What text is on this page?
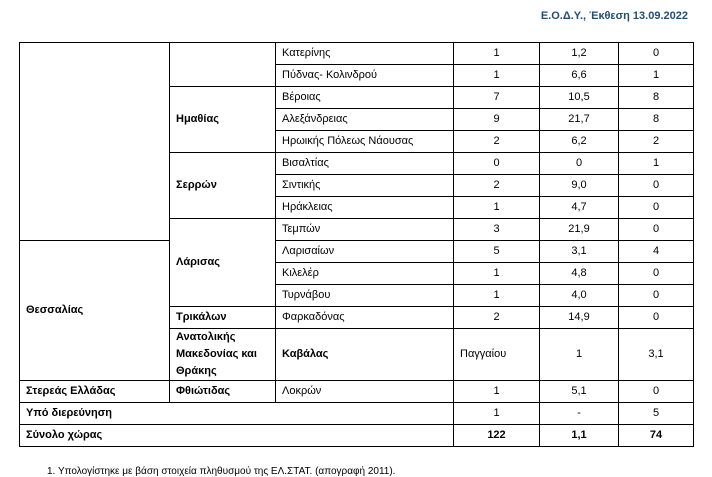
Ε.Ο.Δ.Υ., Έκθεση 13.09.2022
		Κατερίνης	1	1,2	0	
		Πύδνας- Κολινδρού	1	6,6	1	
	Ημαθίας	Βέροιας	7	10,5	8	
		Αλεξάνδρειας	9	21,7	8	
		Ηρωικής Πόλεως Νάουσας	2	6,2	2	
	Σερρών	Βισαλτίας	0	0	1	
		Σιντικής	2	9,0	0	
		Ηράκλειας	1	4,7	0	
	Λάρισας	Τεμπών	3	21,9	0	
Θεσσαλίας		Λαρισαίων	5	3,1	4	
		Κιλελέρ	1	4,8	0	
		Τυρνάβου	1	4,0	0	
	Τρικάλων	Φαρκαδόνας	2	14,9	0	
	Ανατολικής Μακεδονίας και Θράκης	Καβάλας	Παγγαίου	1	3,1	
Στερεάς Ελλάδας	Φθιώτιδας	Λοκρών	1	5,1	0	
Υπό διερεύνηση			1	-	5	
Σύνολο χώρας			122	1,1	74	
1. Υπολογίστηκε με βάση στοιχεία πληθυσμού της ΕΛ.ΣΤΑΤ. (απογραφή 2011).
